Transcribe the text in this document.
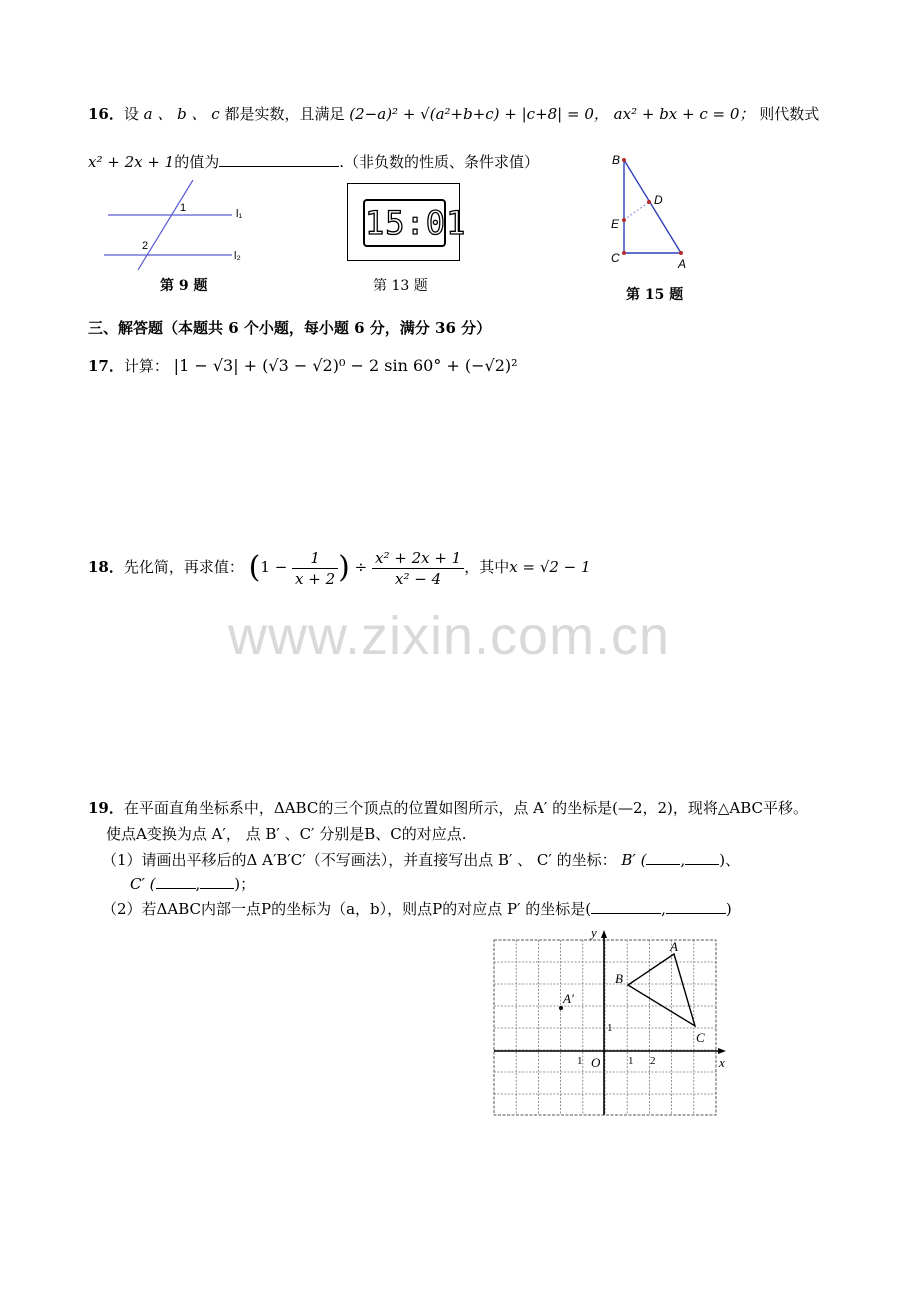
16．设 a 、 b 、 c 都是实数，且满足 (2−a)² + √(a²+b+c) + |c+8| = 0， ax² + bx + c = 0； 则代数式
x² + 2x + 1的值为	.（非负数的性质、条件求值）
1
2
l₁
l₂
第 9 题
15:01
第 13 题
B
D
E
C	A
第 15 题
三、解答题（本题共 6 个小题，每小题 6 分，满分 36 分）
17．计算： |1 − √3| + (√3 − √2)⁰ − 2 sin 60° + (−√2)²
18．先化简，再求值： ($1 - \frac{1}{x + 2}$ ) ÷ $\frac{\text{x² + 2x + 1}}{\text{x² − 4}}$ ，其中x = √2 − 1
www.zixin.com.cn
19．在平面直角坐标系中，ΔABC的三个顶点的位置如图所示，点 A′ 的坐标是(—2，2)，现将△ABC平移。
使点A变换为点 A′， 点 B′ 、C′ 分别是B、C的对应点.
（1）请画出平移后的Δ A′B′C′（不写画法），并直接写出点 B′ 、 C′ 的坐标： B′ ( , )、
C′ (	, )；
（2）若ΔABC内部一点P的坐标为（a，b），则点P的对应点 P′ 的坐标是(	,	)
y
x
O
1	1 2
1
A
B
C
A′
